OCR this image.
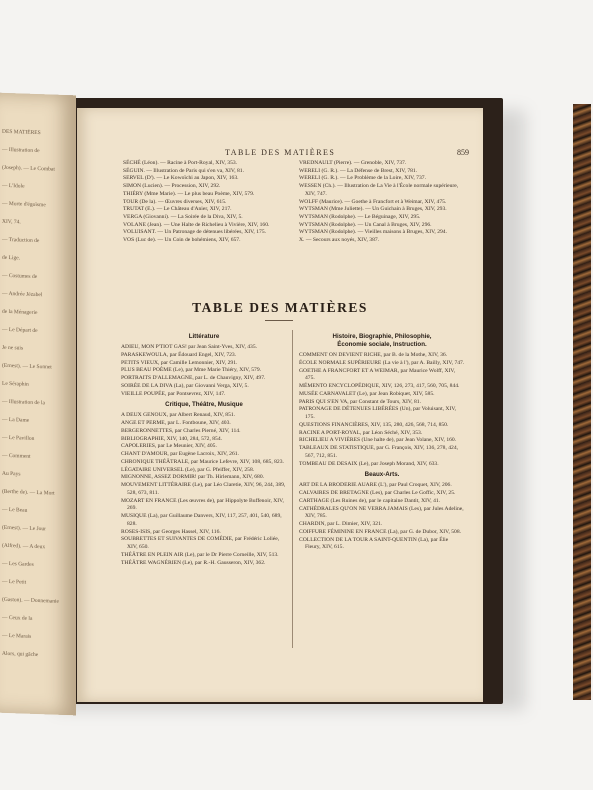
DES MATIÈRES
— Illustration de
(Joseph). — Le Combat
— L'Idole
— Morte d'égoïsme
XIV, 74.
— Traduction de
de Lige.
— Costumes de
— Andrée Jézabel
de la Ménagerie
— Le Départ de
Je ne suis
(Ernest). — Le Sonnet
Le Séraphin
— Illustration de la
— La Dame
— Le Pavillon
— Comment
Au Pays
(Berthe de). — La Mort
— Le Beau
(Ernest). — Le Jour
(Alfred). — A deux
— Les Gardes
— Le Petit
(Gaston). — Donnemanie
— Ceux de la
— Le Marais
Alors, qui gâche
TABLE DES MATIÈRES	859

SÉCHÉ (Léon). — Racine à Port-Royal, XIV, 353.

SÉGUIN. — Illustration de Paris qui s'en va, XIV, 81.

SERVEL (D'). — Le Kowoïchi au Japon, XIV, 163.

SIMON (Lucien). — Procession, XIV, 292.

THIÉRY (Mme Marie). — Le plus beau Poème, XIV, 579.

TOUR (De la). — Œuvres diverses, XIV, 615.

TRUTAT (E.). — Le Château d'Anier, XIV, 217.

VERGA (Giovanni). — La Soirée de la Diva, XIV, 5.

VOLANE (Jean). — Une Halte de Richelieu à Vivière, XIV, 160.

VOLUISANT. — Un Patronage de détenues libérées, XIV, 175.

VOS (Luc de). — Un Coin de bohémiens, XIV, 657.

VREDNAULT (Pierre). — Grenoble, XIV, 737.

WERELI (G. R.). — La Défense de Brest, XIV, 781.

WERELI (G. R.). — Le Problème de la Loire, XIV, 737.

WESSEN (Ch.). — Illustration de La Vie à l'École normale supérieure, XIV, 747.

WOLFF (Maurice). — Goethe à Francfort et à Weimar, XIV, 475.

WYTSMAN (Mme Juliette). — Un Guichain à Bruges, XIV, 293.

WYTSMAN (Rodolphe). — Le Béguinage, XIV, 295.

WYTSMAN (Rodolphe). — Un Canal à Bruges, XIV, 296.

WYTSMAN (Rodolphe). — Vieilles maisons à Bruges, XIV, 294.

X. — Secours aux noyés, XIV, 387.

TABLE DES MATIÈRES
Littérature

ADIEU, MON P'TIOT GAS! par Jean Saint-Yves, XIV, 435.

PARASKEWOULA, par Édouard Engel, XIV, 723.

PETITS VIEUX, par Camille Lemonnier, XIV, 291.

PLUS BEAU POÈME (Le), par Mme Marie Thiéry, XIV, 579.

PORTRAITS D'ALLEMAGNE, par L. de Chauvigny, XIV, 497.

SOIRÉE DE LA DIVA (La), par Giovanni Verga, XIV, 5.

VIEILLE POUPÉE, par Pontsevrez, XIV, 147.

Critique, Théâtre, Musique

A DEUX GENOUX, par Albert Renaud, XIV, 851.

ANGE ET PERME, par L. Fontboune, XIV, 403.

BERGERONNETTES, par Charles Pierné, XIV, 114.

BIBLIOGRAPHIE, XIV, 140, 284, 572, 854.

CAPOLERIES, par Le Meunier, XIV, 405.

CHANT D'AMOUR, par Eugène Lacroix, XIV, 261.

CHRONIQUE THÉÂTRALE, par Maurice Lefevre, XIV, 108, 685, 823.

LÉGATAIRE UNIVERSEL (Le), par G. Pfeiffer, XIV, 258.

MIGNONNE, ASSEZ DORMIR! par Th. Hirlemann, XIV, 680.

MOUVEMENT LITTÉRAIRE (Le), par Léo Claretie, XIV, 96, 244, 389, 528, 673, 811.

MOZART EN FRANCE (Les œuvres de), par Hippolyte Buffenoir, XIV, 269.

MUSIQUE (La), par Guillaume Danvers, XIV, 117, 257, 401, 540, 689, 828.

ROSES-ISIS, par Georges Hassel, XIV, 116.

SOUBRETTES ET SUIVANTES DE COMÉDIE, par Frédéric Loliée, XIV, 650.

THÉÂTRE EN PLEIN AIR (Le), par le Dr Pierre Corneille, XIV, 513.

THÉÂTRE WAGNÉRIEN (Le), par R.-H. Gausseron, XIV, 362.

Histoire, Biographie, Philosophie,
Économie sociale, Instruction.

COMMENT ON DEVIENT RICHE, par B. de la Mothe, XIV, 36.

ÉCOLE NORMALE SUPÉRIEURE (La vie à l'), par A. Bailly, XIV, 747.

GOETHE A FRANCFORT ET A WEIMAR, par Maurice Wolff, XIV, 475.

MÉMENTO ENCYCLOPÉDIQUE, XIV, 126, 273, 417, 560, 705, 844.

MUSÉE CARNAVALET (Le), par Jean Robiquet, XIV, 585.

PARIS QUI S'EN VA, par Constant de Tours, XIV, 81.

PATRONAGE DE DÉTENUES LIBÉRÉES (Un), par Voluisant, XIV, 175.

QUESTIONS FINANCIÈRES, XIV, 135, 280, 426, 568, 714, 850.

RACINE A PORT-ROYAL, par Léon Séché, XIV, 353.

RICHELIEU A VIVIÈRES (Une halte de), par Jean Volane, XIV, 160.

TABLEAUX DE STATISTIQUE, par G. François, XIV, 136, 278, 424, 567, 712, 851.

TOMBEAU DE DESAIX (Le), par Joseph Morand, XIV, 633.

Beaux-Arts.

ART DE LA BRODERIE AUARE (L'), par Paul Croquet, XIV, 206.

CALVAIRES DE BRETAGNE (Les), par Charles Le Goffic, XIV, 25.

CARTHAGE (Les Ruines de), par le capitaine Dantit, XIV, 41.

CATHÉDRALES QU'ON NE VERRA JAMAIS (Les), par Jules Adeline, XIV, 785.

CHARDIN, par L. Dimier, XIV, 321.

COIFFURE FÉMININE EN FRANCE (La), par G. de Dubor, XIV, 508.

COLLECTION DE LA TOUR A SAINT-QUENTIN (La), par Élie Fleury, XIV, 615.
